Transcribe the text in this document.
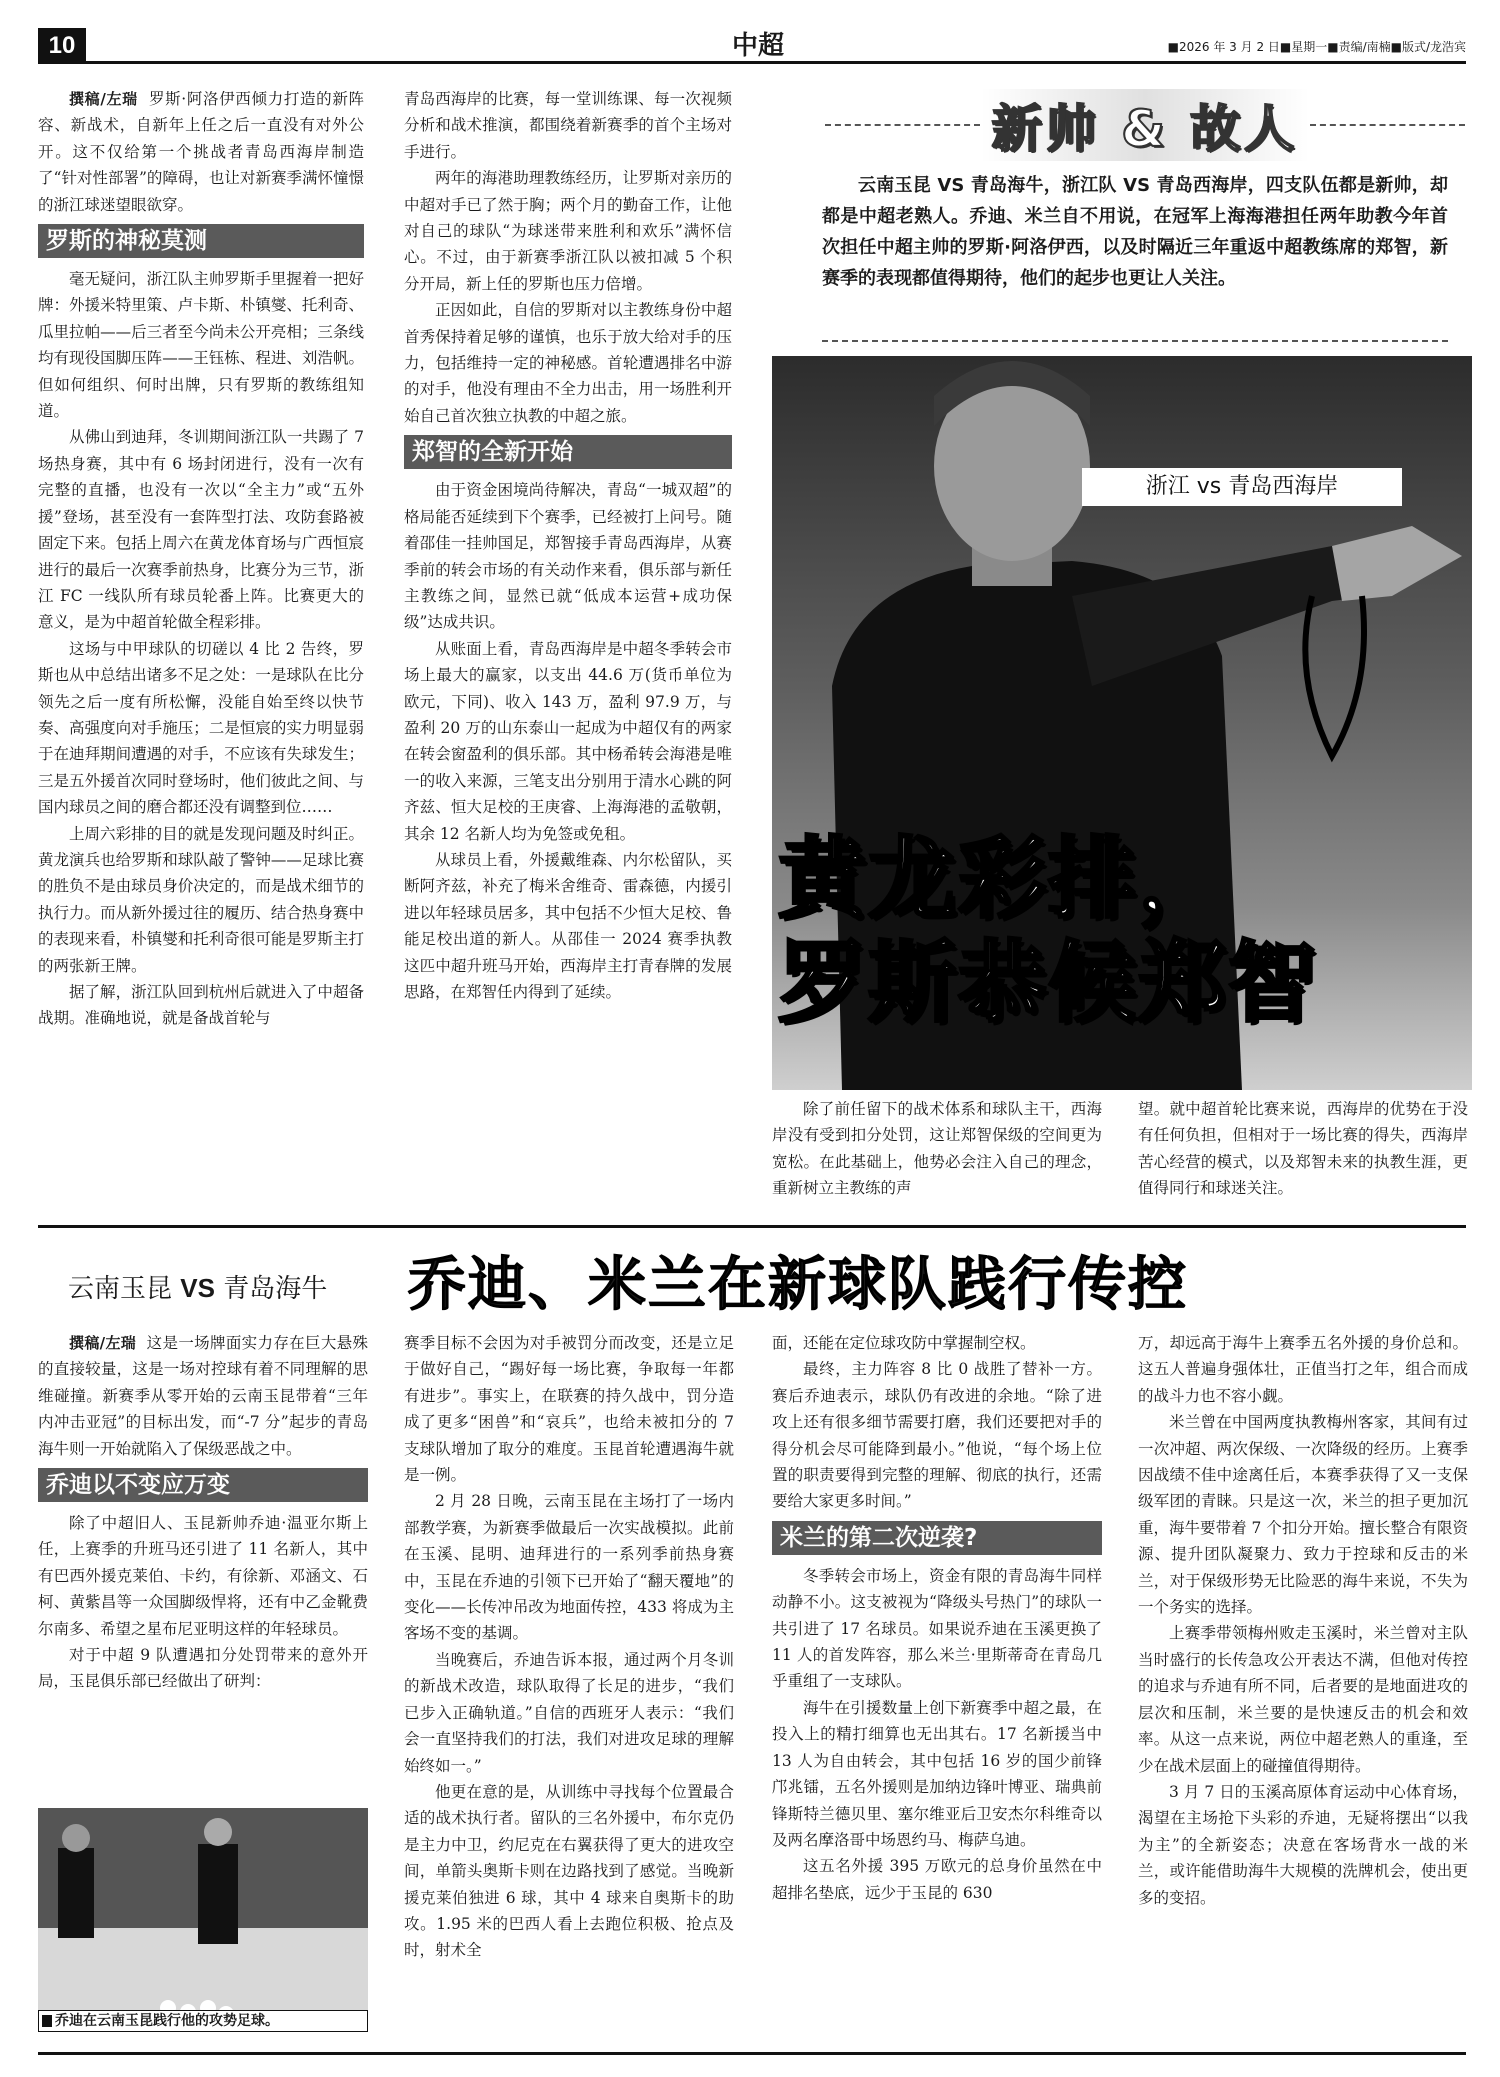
10	中超	■2026 年 3 月 2 日■星期一■责编/南楠■版式/龙浩宾

撰稿/左瑞 罗斯·阿洛伊西倾力打造的新阵容、新战术，自新年上任之后一直没有对外公开。这不仅给第一个挑战者青岛西海岸制造了“针对性部署”的障碍，也让对新赛季满怀憧憬的浙江球迷望眼欲穿。

罗斯的神秘莫测

毫无疑问，浙江队主帅罗斯手里握着一把好牌：外援米特里策、卢卡斯、朴镇燮、托利奇、瓜里拉帕——后三者至今尚未公开亮相；三条线均有现役国脚压阵——王钰栋、程进、刘浩帆。但如何组织、何时出牌，只有罗斯的教练组知道。

从佛山到迪拜，冬训期间浙江队一共踢了 7 场热身赛，其中有 6 场封闭进行，没有一次有完整的直播，也没有一次以“全主力”或“五外援”登场，甚至没有一套阵型打法、攻防套路被固定下来。包括上周六在黄龙体育场与广西恒宸进行的最后一次赛季前热身，比赛分为三节，浙江 FC 一线队所有球员轮番上阵。比赛更大的意义，是为中超首轮做全程彩排。

这场与中甲球队的切磋以 4 比 2 告终，罗斯也从中总结出诸多不足之处：一是球队在比分领先之后一度有所松懈，没能自始至终以快节奏、高强度向对手施压；二是恒宸的实力明显弱于在迪拜期间遭遇的对手，不应该有失球发生；三是五外援首次同时登场时，他们彼此之间、与国内球员之间的磨合都还没有调整到位……

上周六彩排的目的就是发现问题及时纠正。黄龙演兵也给罗斯和球队敲了警钟——足球比赛的胜负不是由球员身价决定的，而是战术细节的执行力。而从新外援过往的履历、结合热身赛中的表现来看，朴镇燮和托利奇很可能是罗斯主打的两张新王牌。

据了解，浙江队回到杭州后就进入了中超备战期。准确地说，就是备战首轮与

青岛西海岸的比赛，每一堂训练课、每一次视频分析和战术推演，都围绕着新赛季的首个主场对手进行。

两年的海港助理教练经历，让罗斯对亲历的中超对手已了然于胸；两个月的勤奋工作，让他对自己的球队“为球迷带来胜利和欢乐”满怀信心。不过，由于新赛季浙江队以被扣减 5 个积分开局，新上任的罗斯也压力倍增。

正因如此，自信的罗斯对以主教练身份中超首秀保持着足够的谨慎，也乐于放大给对手的压力，包括维持一定的神秘感。首轮遭遇排名中游的对手，他没有理由不全力出击，用一场胜利开始自己首次独立执教的中超之旅。

郑智的全新开始

由于资金困境尚待解决，青岛“一城双超”的格局能否延续到下个赛季，已经被打上问号。随着邵佳一挂帅国足，郑智接手青岛西海岸，从赛季前的转会市场的有关动作来看，俱乐部与新任主教练之间，显然已就“低成本运营+成功保级”达成共识。

从账面上看，青岛西海岸是中超冬季转会市场上最大的赢家，以支出 44.6 万(货币单位为欧元，下同)、收入 143 万，盈利 97.9 万，与盈利 20 万的山东泰山一起成为中超仅有的两家在转会窗盈利的俱乐部。其中杨希转会海港是唯一的收入来源，三笔支出分别用于清水心跳的阿齐兹、恒大足校的王庚睿、上海海港的孟敬朝，其余 12 名新人均为免签或免租。

从球员上看，外援戴维森、内尔松留队，买断阿齐兹，补充了梅米舍维奇、雷森德，内援引进以年轻球员居多，其中包括不少恒大足校、鲁能足校出道的新人。从邵佳一 2024 赛季执教这匹中超升班马开始，西海岸主打青春牌的发展思路，在郑智任内得到了延续。

新帅 & 故人
云南玉昆 VS 青岛海牛，浙江队 VS 青岛西海岸，四支队伍都是新帅，却都是中超老熟人。乔迪、米兰自不用说，在冠军上海海港担任两年助教今年首次担任中超主帅的罗斯·阿洛伊西，以及时隔近三年重返中超教练席的郑智，新赛季的表现都值得期待，他们的起步也更让人关注。
浙江 vs 青岛西海岸
黄龙彩排，
罗斯恭候郑智

除了前任留下的战术体系和球队主干，西海岸没有受到扣分处罚，这让郑智保级的空间更为宽松。在此基础上，他势必会注入自己的理念，重新树立主教练的声

望。就中超首轮比赛来说，西海岸的优势在于没有任何负担，但相对于一场比赛的得失，西海岸苦心经营的模式，以及郑智未来的执教生涯，更值得同行和球迷关注。

云南玉昆 VS 青岛海牛	乔迪、米兰在新球队践行传控

撰稿/左瑞 这是一场牌面实力存在巨大悬殊的直接较量，这是一场对控球有着不同理解的思维碰撞。新赛季从零开始的云南玉昆带着“三年内冲击亚冠”的目标出发，而“-7 分”起步的青岛海牛则一开始就陷入了保级恶战之中。

乔迪以不变应万变

除了中超旧人、玉昆新帅乔迪·温亚尔斯上任，上赛季的升班马还引进了 11 名新人，其中有巴西外援克莱伯、卡约，有徐新、邓涵文、石柯、黄紫昌等一众国脚级悍将，还有中乙金靴费尔南多、希望之星布尼亚明这样的年轻球员。

对于中超 9 队遭遇扣分处罚带来的意外开局，玉昆俱乐部已经做出了研判：

乔迪在云南玉昆践行他的攻势足球。

赛季目标不会因为对手被罚分而改变，还是立足于做好自己，“踢好每一场比赛，争取每一年都有进步”。事实上，在联赛的持久战中，罚分造成了更多“困兽”和“哀兵”，也给未被扣分的 7 支球队增加了取分的难度。玉昆首轮遭遇海牛就是一例。

2 月 28 日晚，云南玉昆在主场打了一场内部教学赛，为新赛季做最后一次实战模拟。此前在玉溪、昆明、迪拜进行的一系列季前热身赛中，玉昆在乔迪的引领下已开始了“翻天覆地”的变化——长传冲吊改为地面传控，433 将成为主客场不变的基调。

当晚赛后，乔迪告诉本报，通过两个月冬训的新战术改造，球队取得了长足的进步，“我们已步入正确轨道。”自信的西班牙人表示：“我们会一直坚持我们的打法，我们对进攻足球的理解始终如一。”

他更在意的是，从训练中寻找每个位置最合适的战术执行者。留队的三名外援中，布尔克仍是主力中卫，约尼克在右翼获得了更大的进攻空间，单箭头奥斯卡则在边路找到了感觉。当晚新援克莱伯独进 6 球，其中 4 球来自奥斯卡的助攻。1.95 米的巴西人看上去跑位积极、抢点及时，射术全

面，还能在定位球攻防中掌握制空权。

最终，主力阵容 8 比 0 战胜了替补一方。赛后乔迪表示，球队仍有改进的余地。“除了进攻上还有很多细节需要打磨，我们还要把对手的得分机会尽可能降到最小。”他说，“每个场上位置的职责要得到完整的理解、彻底的执行，还需要给大家更多时间。”

米兰的第二次逆袭?

冬季转会市场上，资金有限的青岛海牛同样动静不小。这支被视为“降级头号热门”的球队一共引进了 17 名球员。如果说乔迪在玉溪更换了 11 人的首发阵容，那么米兰·里斯蒂奇在青岛几乎重组了一支球队。

海牛在引援数量上创下新赛季中超之最，在投入上的精打细算也无出其右。17 名新援当中 13 人为自由转会，其中包括 16 岁的国少前锋邝兆镭，五名外援则是加纳边锋叶博亚、瑞典前锋斯特兰德贝里、塞尔维亚后卫安杰尔科维奇以及两名摩洛哥中场恩约马、梅萨乌迪。

这五名外援 395 万欧元的总身价虽然在中超排名垫底，远少于玉昆的 630

万，却远高于海牛上赛季五名外援的身价总和。这五人普遍身强体壮，正值当打之年，组合而成的战斗力也不容小觑。

米兰曾在中国两度执教梅州客家，其间有过一次冲超、两次保级、一次降级的经历。上赛季因战绩不佳中途离任后，本赛季获得了又一支保级军团的青睐。只是这一次，米兰的担子更加沉重，海牛要带着 7 个扣分开始。擅长整合有限资源、提升团队凝聚力、致力于控球和反击的米兰，对于保级形势无比险恶的海牛来说，不失为一个务实的选择。

上赛季带领梅州败走玉溪时，米兰曾对主队当时盛行的长传急攻公开表达不满，但他对传控的追求与乔迪有所不同，后者要的是地面进攻的层次和压制，米兰要的是快速反击的机会和效率。从这一点来说，两位中超老熟人的重逢，至少在战术层面上的碰撞值得期待。

3 月 7 日的玉溪高原体育运动中心体育场，渴望在主场抢下头彩的乔迪，无疑将摆出“以我为主”的全新姿态；决意在客场背水一战的米兰，或许能借助海牛大规模的洗牌机会，使出更多的变招。
